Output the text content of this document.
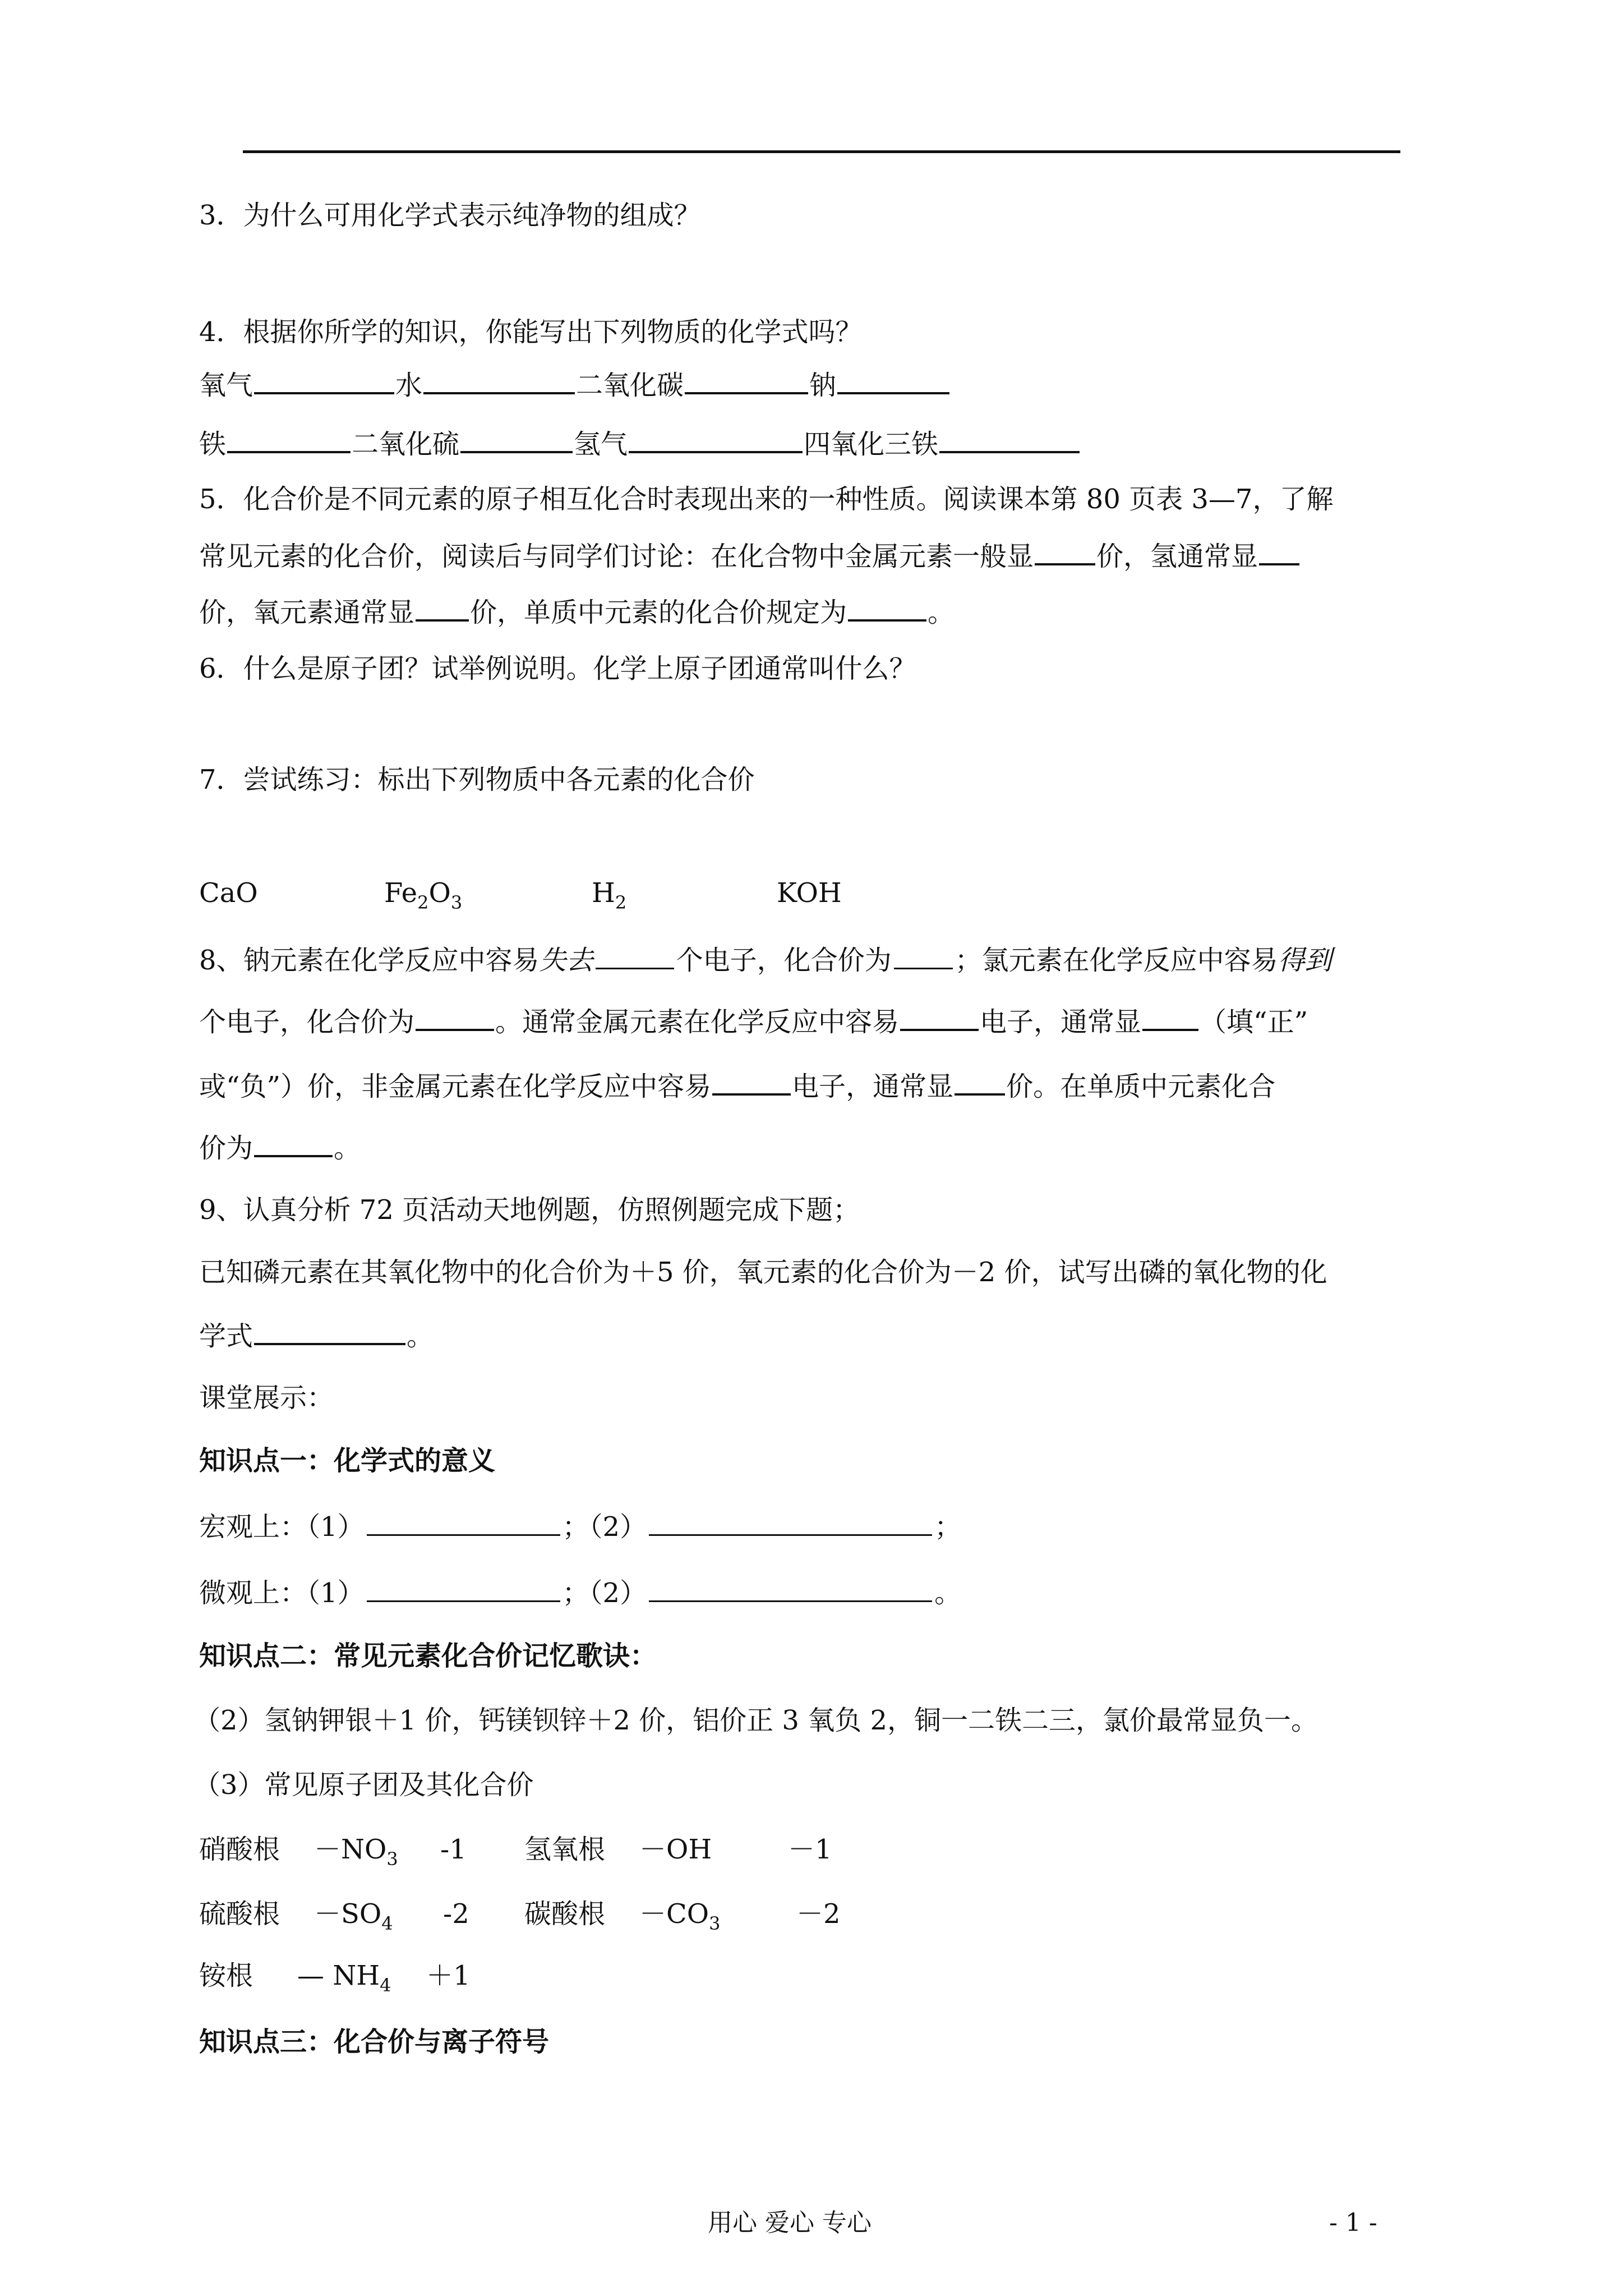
3．为什么可用化学式表示纯净物的组成？
4．根据你所学的知识，你能写出下列物质的化学式吗？
氧气	水	二氧化碳	钠
铁	二氧化硫	氢气	四氧化三铁
5．化合价是不同元素的原子相互化合时表现出来的一种性质。阅读课本第 80 页表 3—7，了解
常见元素的化合价，阅读后与同学们讨论：在化合物中金属元素一般显 价，氢通常显
价，氧元素通常显 价，单质中元素的化合价规定为	。
6．什么是原子团？试举例说明。化学上原子团通常叫什么？
7．尝试练习：标出下列物质中各元素的化合价
CaO	$Fe_2O_3$	$H_2$	KOH
8、钠元素在化学反应中容易失去	个电子，化合价为 ；氯元素在化学反应中容易得到
个电子，化合价为	。通常金属元素在化学反应中容易	电子，通常显 （填“正”
或“负”）价，非金属元素在化学反应中容易	电子，通常显 价。在单质中元素化合
价为	。
9、认真分析 72 页活动天地例题，仿照例题完成下题；
已知磷元素在其氧化物中的化合价为＋5 价，氧元素的化合价为－2 价，试写出磷的氧化物的化
学式	。
课堂展示：
知识点一：化学式的意义
宏观上：（1）	；（2）	；
微观上：（1）	；（2）	。
知识点二：常见元素化合价记忆歌诀：
（2）氢钠钾银＋1 价，钙镁钡锌＋2 价，铝价正 3 氧负 2，铜一二铁二三，氯价最常显负一。
（3）常见原子团及其化合价
硝酸根 $-NO_3$ -1 氢氧根 －OH	－1
硫酸根 $-SO_4$ -2 碳酸根 $-CO_3$	－2
铵根 — $NH_4 +1$
知识点三：化合价与离子符号
用心 爱心 专心	- 1 -
